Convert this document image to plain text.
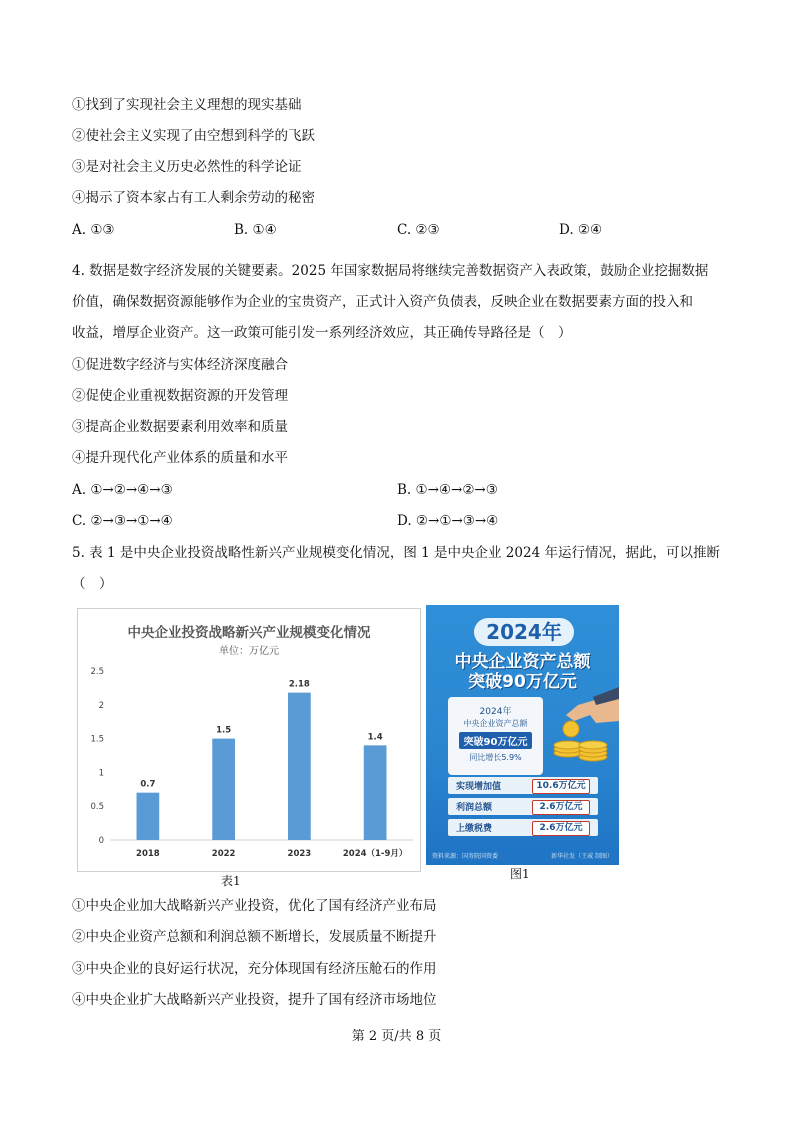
①找到了实现社会主义理想的现实基础
②使社会主义实现了由空想到科学的飞跃
③是对社会主义历史必然性的科学论证
④揭示了资本家占有工人剩余劳动的秘密
A. ①③	B. ①④	C. ②③	D. ②④
4. 数据是数字经济发展的关键要素。2025 年国家数据局将继续完善数据资产入表政策，鼓励企业挖掘数据
价值，确保数据资源能够作为企业的宝贵资产，正式计入资产负债表，反映企业在数据要素方面的投入和
收益，增厚企业资产。这一政策可能引发一系列经济效应，其正确传导路径是（　）
①促进数字经济与实体经济深度融合
②促使企业重视数据资源的开发管理
③提高企业数据要素利用效率和质量
④提升现代化产业体系的质量和水平
A. ①→②→④→③	B. ①→④→②→③
C. ②→③→①→④	D. ②→①→③→④
5. 表 1 是中央企业投资战略性新兴产业规模变化情况，图 1 是中央企业 2024 年运行情况，据此，可以推断
（　）
中央企业投资战略新兴产业规模变化情况
单位：万亿元
0
0.5
1
1.5
2
2.5
0.7
2018
1.5
2022
2.18
2023
1.4
2024（1-9月）
表1
2024年
中央企业资产总额
突破90万亿元
2024年
中央企业资产总额
突破90万亿元
同比增长5.9%
实现增加值	10.6万亿元
利润总额	2.6万亿元
上缴税费	2.6万亿元
资料来源：国务院国资委	新华社发（王威 制图）
图1
①中央企业加大战略新兴产业投资，优化了国有经济产业布局
②中央企业资产总额和利润总额不断增长，发展质量不断提升
③中央企业的良好运行状况，充分体现国有经济压舱石的作用
④中央企业扩大战略新兴产业投资，提升了国有经济市场地位
第 2 页/共 8 页
